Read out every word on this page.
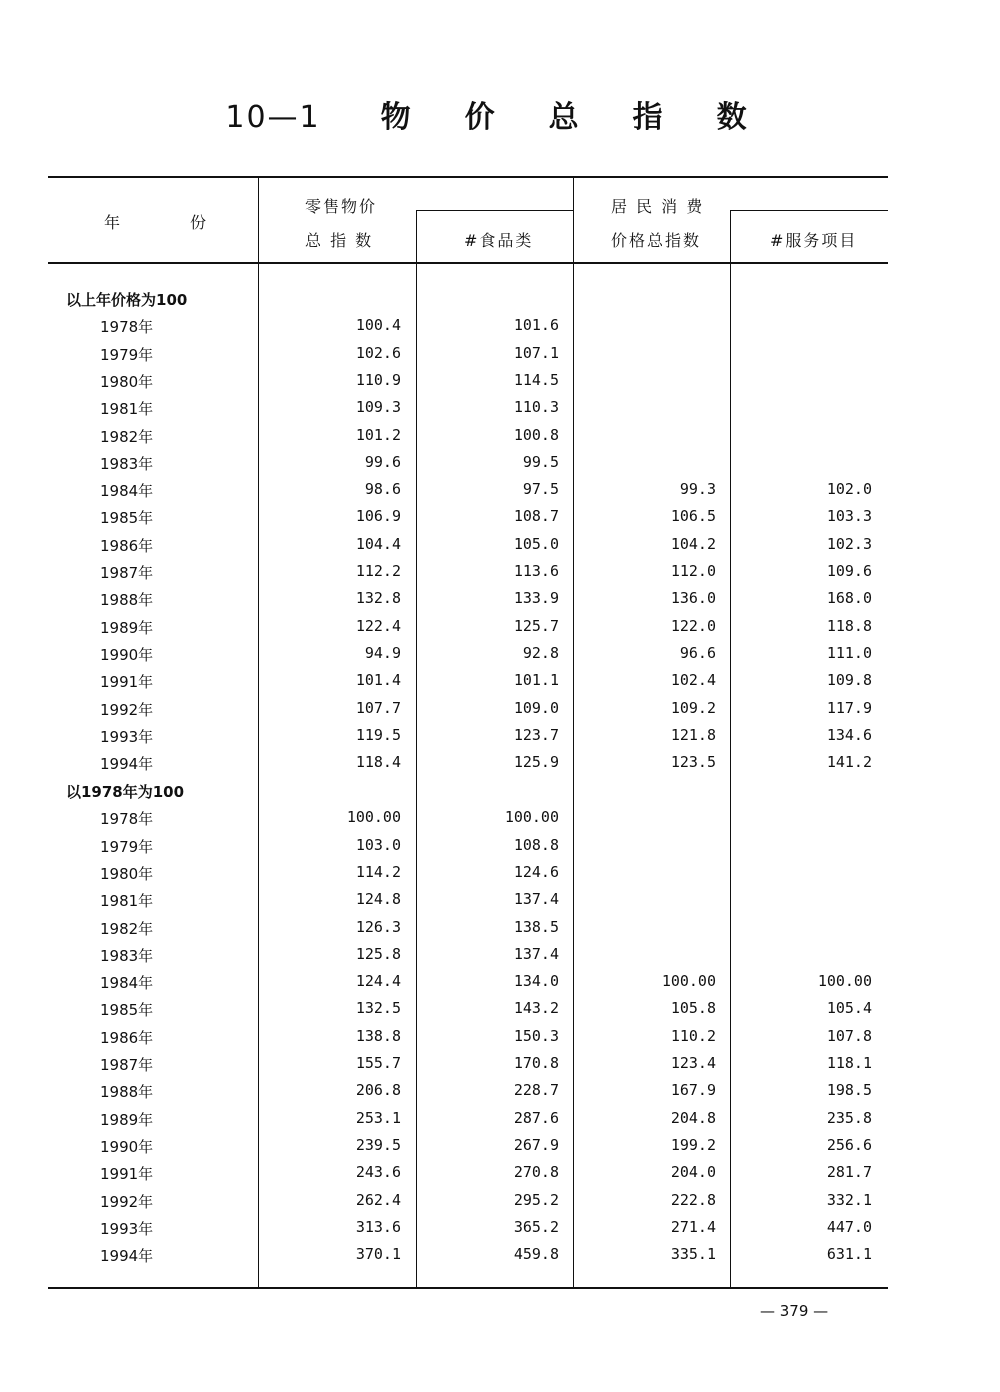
10—1 物 价 总 指 数
年	份
零售物价
总 指 数	#食品类
居 民 消 费
价格总指数	#服务项目
以上年价格为100
1978年	100.4	101.6
1979年	102.6	107.1
1980年	110.9	114.5
1981年	109.3	110.3
1982年	101.2	100.8
1983年	99.6	99.5
1984年	98.6	97.5	99.3	102.0
1985年	106.9	108.7	106.5	103.3
1986年	104.4	105.0	104.2	102.3
1987年	112.2	113.6	112.0	109.6
1988年	132.8	133.9	136.0	168.0
1989年	122.4	125.7	122.0	118.8
1990年	94.9	92.8	96.6	111.0
1991年	101.4	101.1	102.4	109.8
1992年	107.7	109.0	109.2	117.9
1993年	119.5	123.7	121.8	134.6
1994年	118.4	125.9	123.5	141.2
以1978年为100
1978年	100.00	100.00
1979年	103.0	108.8
1980年	114.2	124.6
1981年	124.8	137.4
1982年	126.3	138.5
1983年	125.8	137.4
1984年	124.4	134.0	100.00	100.00
1985年	132.5	143.2	105.8	105.4
1986年	138.8	150.3	110.2	107.8
1987年	155.7	170.8	123.4	118.1
1988年	206.8	228.7	167.9	198.5
1989年	253.1	287.6	204.8	235.8
1990年	239.5	267.9	199.2	256.6
1991年	243.6	270.8	204.0	281.7
1992年	262.4	295.2	222.8	332.1
1993年	313.6	365.2	271.4	447.0
1994年	370.1	459.8	335.1	631.1
— 379 —
